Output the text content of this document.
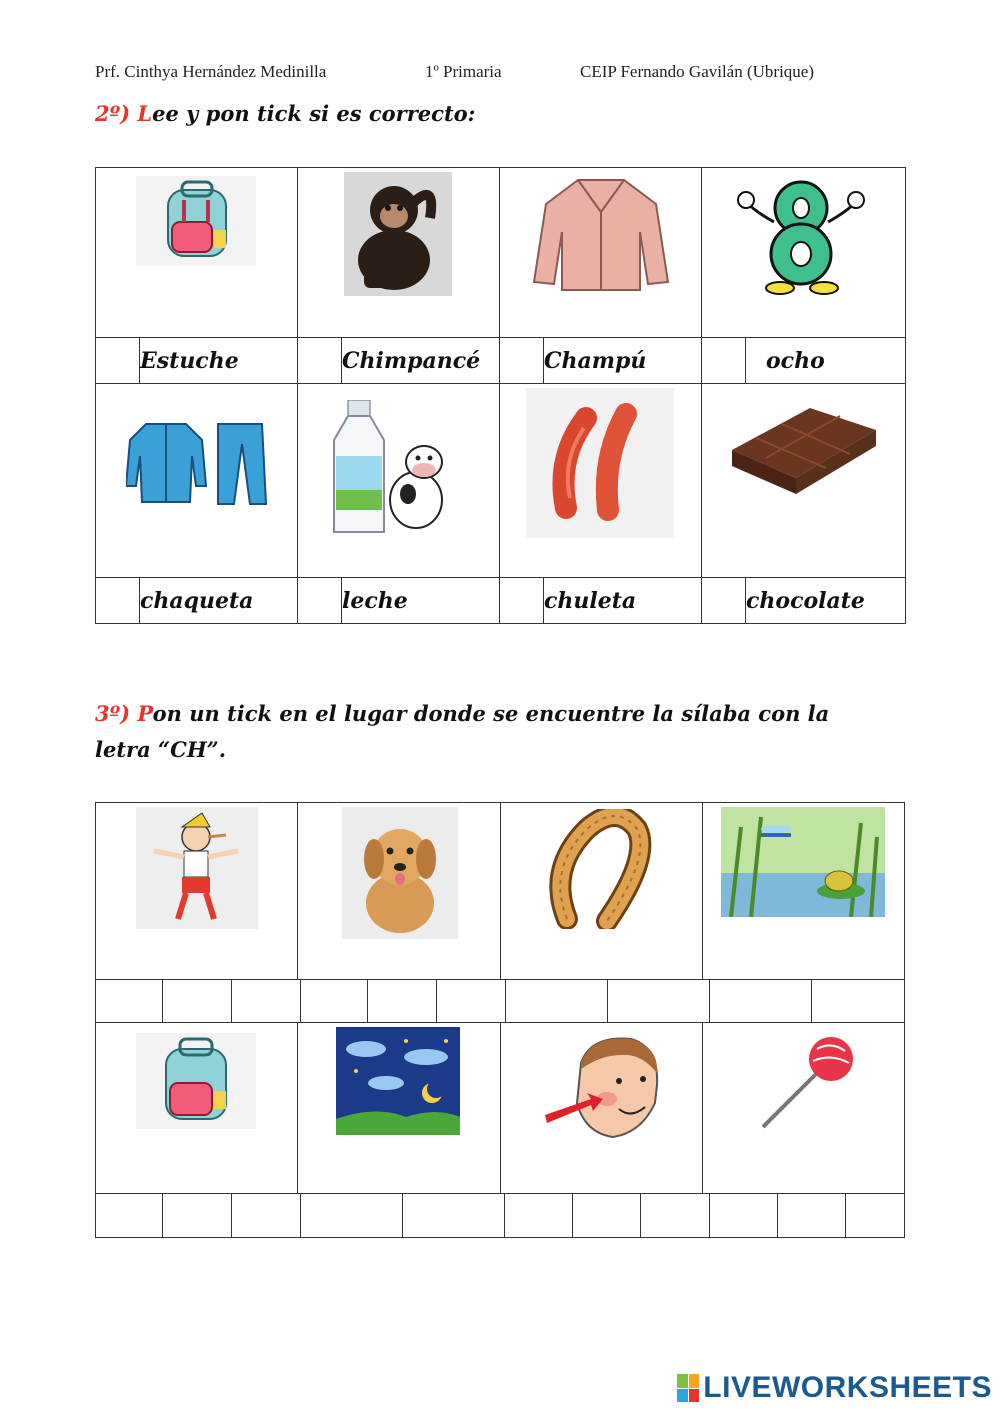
Prf. Cinthya Hernández Medinilla	1º Primaria	CEIP Fernando Gavilán (Ubrique)
2º) Lee y pon tick si es correcto:

	Estuche		Chimpancé		Champú		ocho

	chaqueta		leche		chuleta		chocolate
3º) Pon un tick en el lugar donde se encuentre la sílaba con la
letra “CH”.
LIVEWORKSHEETS
